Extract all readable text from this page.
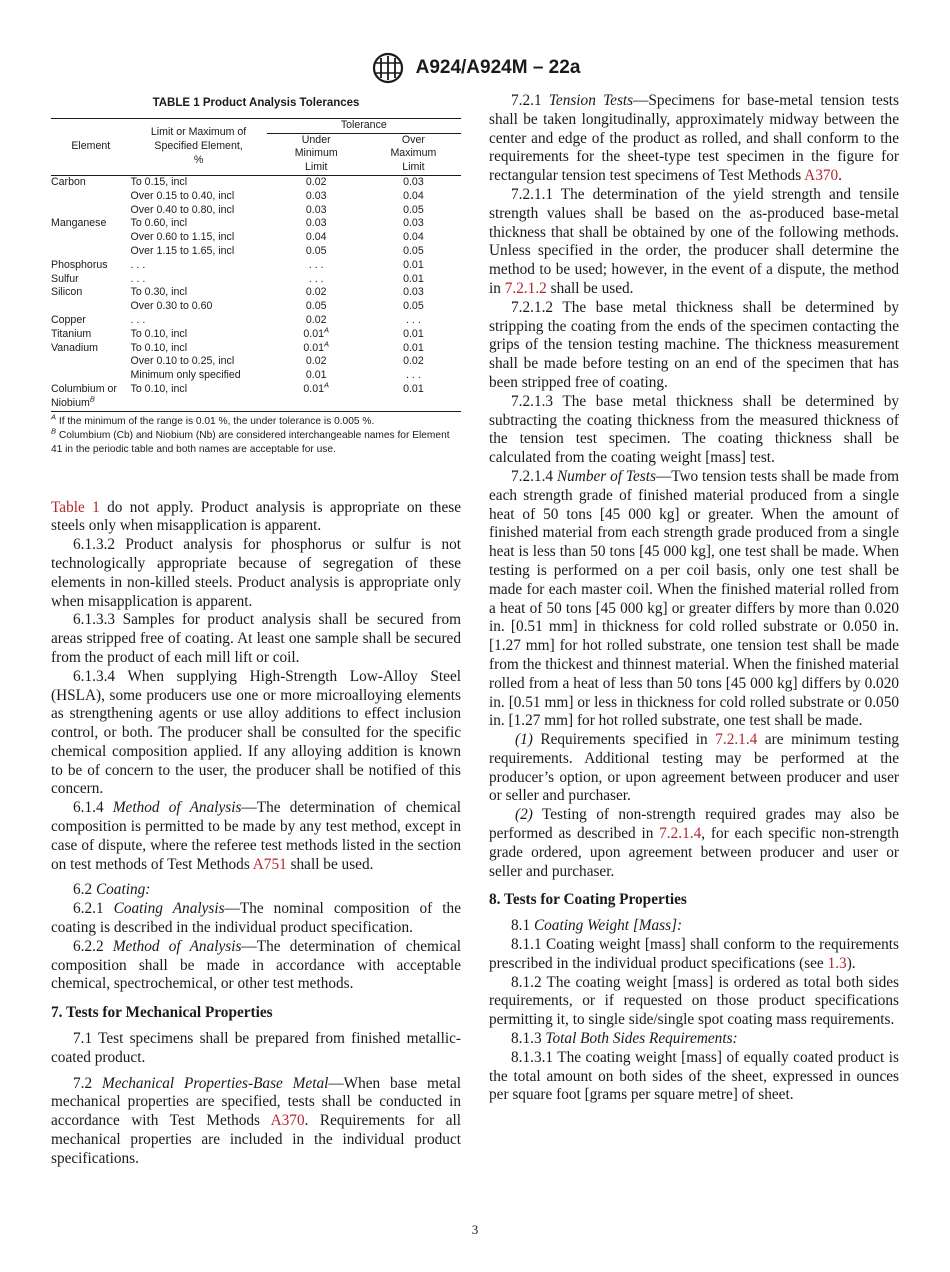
A924/A924M – 22a
TABLE 1 Product Analysis Tolerances
Element	Limit or Maximum of Specified Element, %	Tolerance	
		Under Minimum Limit	Over Maximum Limit
Carbon	To 0.15, incl	0.02	0.03
	Over 0.15 to 0.40, incl	0.03	0.04
	Over 0.40 to 0.80, incl	0.03	0.05
Manganese	To 0.60, incl	0.03	0.03
	Over 0.60 to 1.15, incl	0.04	0.04
	Over 1.15 to 1.65, incl	0.05	0.05
Phosphorus	. . .	. . .	0.01
Sulfur	. . .	. . .	0.01
Silicon	To 0.30, incl	0.02	0.03
	Over 0.30 to 0.60	0.05	0.05
Copper	. . .	0.02	. . .
Titanium	To 0.10, incl	$0.01^A$	0.01
Vanadium	To 0.10, incl	$0.01^A$	0.01
	Over 0.10 to 0.25, incl	0.02	0.02
	Minimum only specified	0.01	. . .
Columbium or
Niobium$^B$	To 0.10, incl	$0.01^A$	0.01

$^A$ If the minimum of the range is 0.01 %, the under tolerance is 0.005 %.

$^B$ Columbium (Cb) and Niobium (Nb) are considered interchangeable names for Element 41 in the periodic table and both names are acceptable for use.

Table 1 do not apply. Product analysis is appropriate on these steels only when misapplication is apparent.

6.1.3.2 Product analysis for phosphorus or sulfur is not technologically appropriate because of segregation of these elements in non-killed steels. Product analysis is appropriate only when misapplication is apparent.

6.1.3.3 Samples for product analysis shall be secured from areas stripped free of coating. At least one sample shall be secured from the product of each mill lift or coil.

6.1.3.4 When supplying High-Strength Low-Alloy Steel (HSLA), some producers use one or more microalloying elements as strengthening agents or use alloy additions to effect inclusion control, or both. The producer shall be consulted for the specific chemical composition applied. If any alloying addition is known to be of concern to the user, the producer shall be notified of this concern.

6.1.4 Method of Analysis—The determination of chemical composition is permitted to be made by any test method, except in case of dispute, where the referee test methods listed in the section on test methods of Test Methods A751 shall be used.

6.2 Coating:

6.2.1 Coating Analysis—The nominal composition of the coating is described in the individual product specification.

6.2.2 Method of Analysis—The determination of chemical composition shall be made in accordance with acceptable chemical, spectrochemical, or other test methods.

7. Tests for Mechanical Properties

7.1 Test specimens shall be prepared from finished metallic-coated product.

7.2 Mechanical Properties-Base Metal—When base metal mechanical properties are specified, tests shall be conducted in accordance with Test Methods A370. Requirements for all mechanical properties are included in the individual product specifications.

7.2.1 Tension Tests—Specimens for base-metal tension tests shall be taken longitudinally, approximately midway between the center and edge of the product as rolled, and shall conform to the requirements for the sheet-type test specimen in the figure for rectangular tension test specimens of Test Methods A370.

7.2.1.1 The determination of the yield strength and tensile strength values shall be based on the as-produced base-metal thickness that shall be obtained by one of the following methods. Unless specified in the order, the producer shall determine the method to be used; however, in the event of a dispute, the method in 7.2.1.2 shall be used.

7.2.1.2 The base metal thickness shall be determined by stripping the coating from the ends of the specimen contacting the grips of the tension testing machine. The thickness measurement shall be made before testing on an end of the specimen that has been stripped free of coating.

7.2.1.3 The base metal thickness shall be determined by subtracting the coating thickness from the measured thickness of the tension test specimen. The coating thickness shall be calculated from the coating weight [mass] test.

7.2.1.4 Number of Tests—Two tension tests shall be made from each strength grade of finished material produced from a single heat of 50 tons [45 000 kg] or greater. When the amount of finished material from each strength grade produced from a single heat is less than 50 tons [45 000 kg], one test shall be made. When testing is performed on a per coil basis, only one test shall be made for each master coil. When the finished material rolled from a heat of 50 tons [45 000 kg] or greater differs by more than 0.020 in. [0.51 mm] in thickness for cold rolled substrate or 0.050 in. [1.27 mm] for hot rolled substrate, one tension test shall be made from the thickest and thinnest material. When the finished material rolled from a heat of less than 50 tons [45 000 kg] differs by 0.020 in. [0.51 mm] or less in thickness for cold rolled substrate or 0.050 in. [1.27 mm] for hot rolled substrate, one test shall be made.

(1) Requirements specified in 7.2.1.4 are minimum testing requirements. Additional testing may be performed at the producer’s option, or upon agreement between producer and user or seller and purchaser.

(2) Testing of non-strength required grades may also be performed as described in 7.2.1.4, for each specific non-strength grade ordered, upon agreement between producer and user or seller and purchaser.

8. Tests for Coating Properties

8.1 Coating Weight [Mass]:

8.1.1 Coating weight [mass] shall conform to the requirements prescribed in the individual product specifications (see 1.3).

8.1.2 The coating weight [mass] is ordered as total both sides requirements, or if requested on those product specifications permitting it, to single side/single spot coating mass requirements.

8.1.3 Total Both Sides Requirements:

8.1.3.1 The coating weight [mass] of equally coated product is the total amount on both sides of the sheet, expressed in ounces per square foot [grams per square metre] of sheet.

3
